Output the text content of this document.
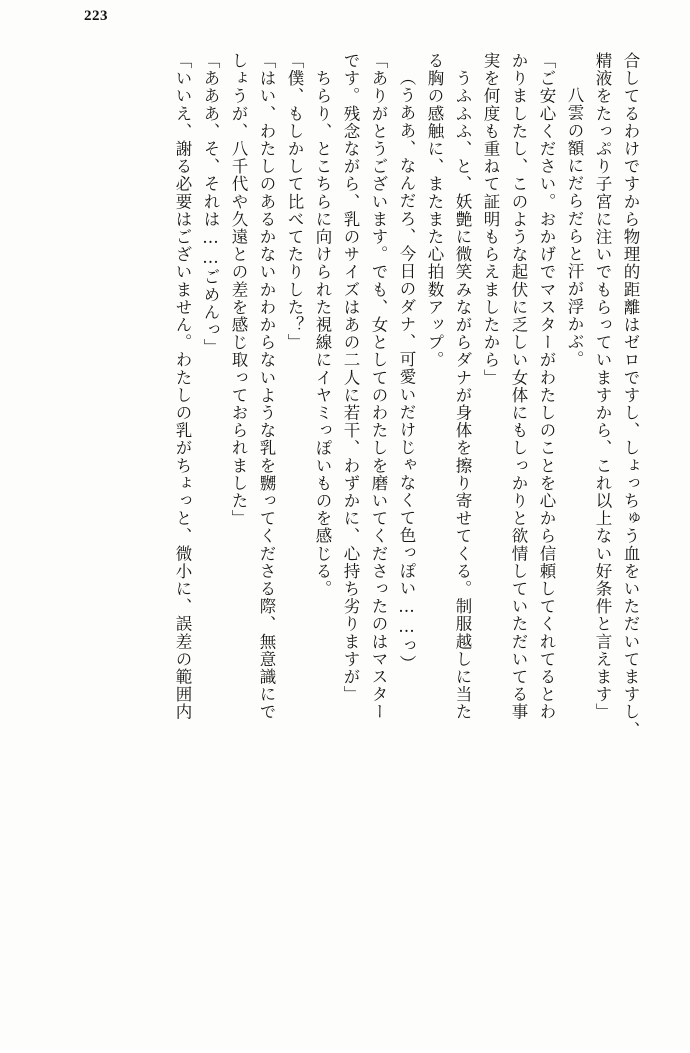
223
合してるわけですから物理的距離はゼロですし、しょっちゅう血をいただいてますし、
精液をたっぷり子宮に注いでもらっていますから、これ以上ない好条件と言えます」
　八雲の額にだらだらと汗が浮かぶ。
「ご安心ください。おかげでマスターがわたしのことを心から信頼してくれてるとわ
かりましたし、このような起伏に乏しい女体にもしっかりと欲情していただいてる事
実を何度も重ねて証明もらえましたから」
　うふふふ、と、妖艶に微笑みながらダナが身体を擦り寄せてくる。制服越しに当た
る胸の感触に、またまた心拍数アップ。
（うああ、なんだろ、今日のダナ、可愛いだけじゃなくて色っぽい……っ）
「ありがとうございます。でも、女としてのわたしを磨いてくださったのはマスター
です。残念ながら、乳のサイズはあの二人に若干、わずかに、心持ち劣りますが」
　ちらり、とこちらに向けられた視線にイヤミっぽいものを感じる。
「僕、もしかして比べてたりした？」
「はい、わたしのあるかないかわからないような乳を嬲ってくださる際、無意識にで
しょうが、八千代や久遠との差を感じ取っておられました」
「あああ、そ、それは……ごめんっ」
「いいえ、謝る必要はございません。わたしの乳がちょっと、微小に、誤差の範囲内
